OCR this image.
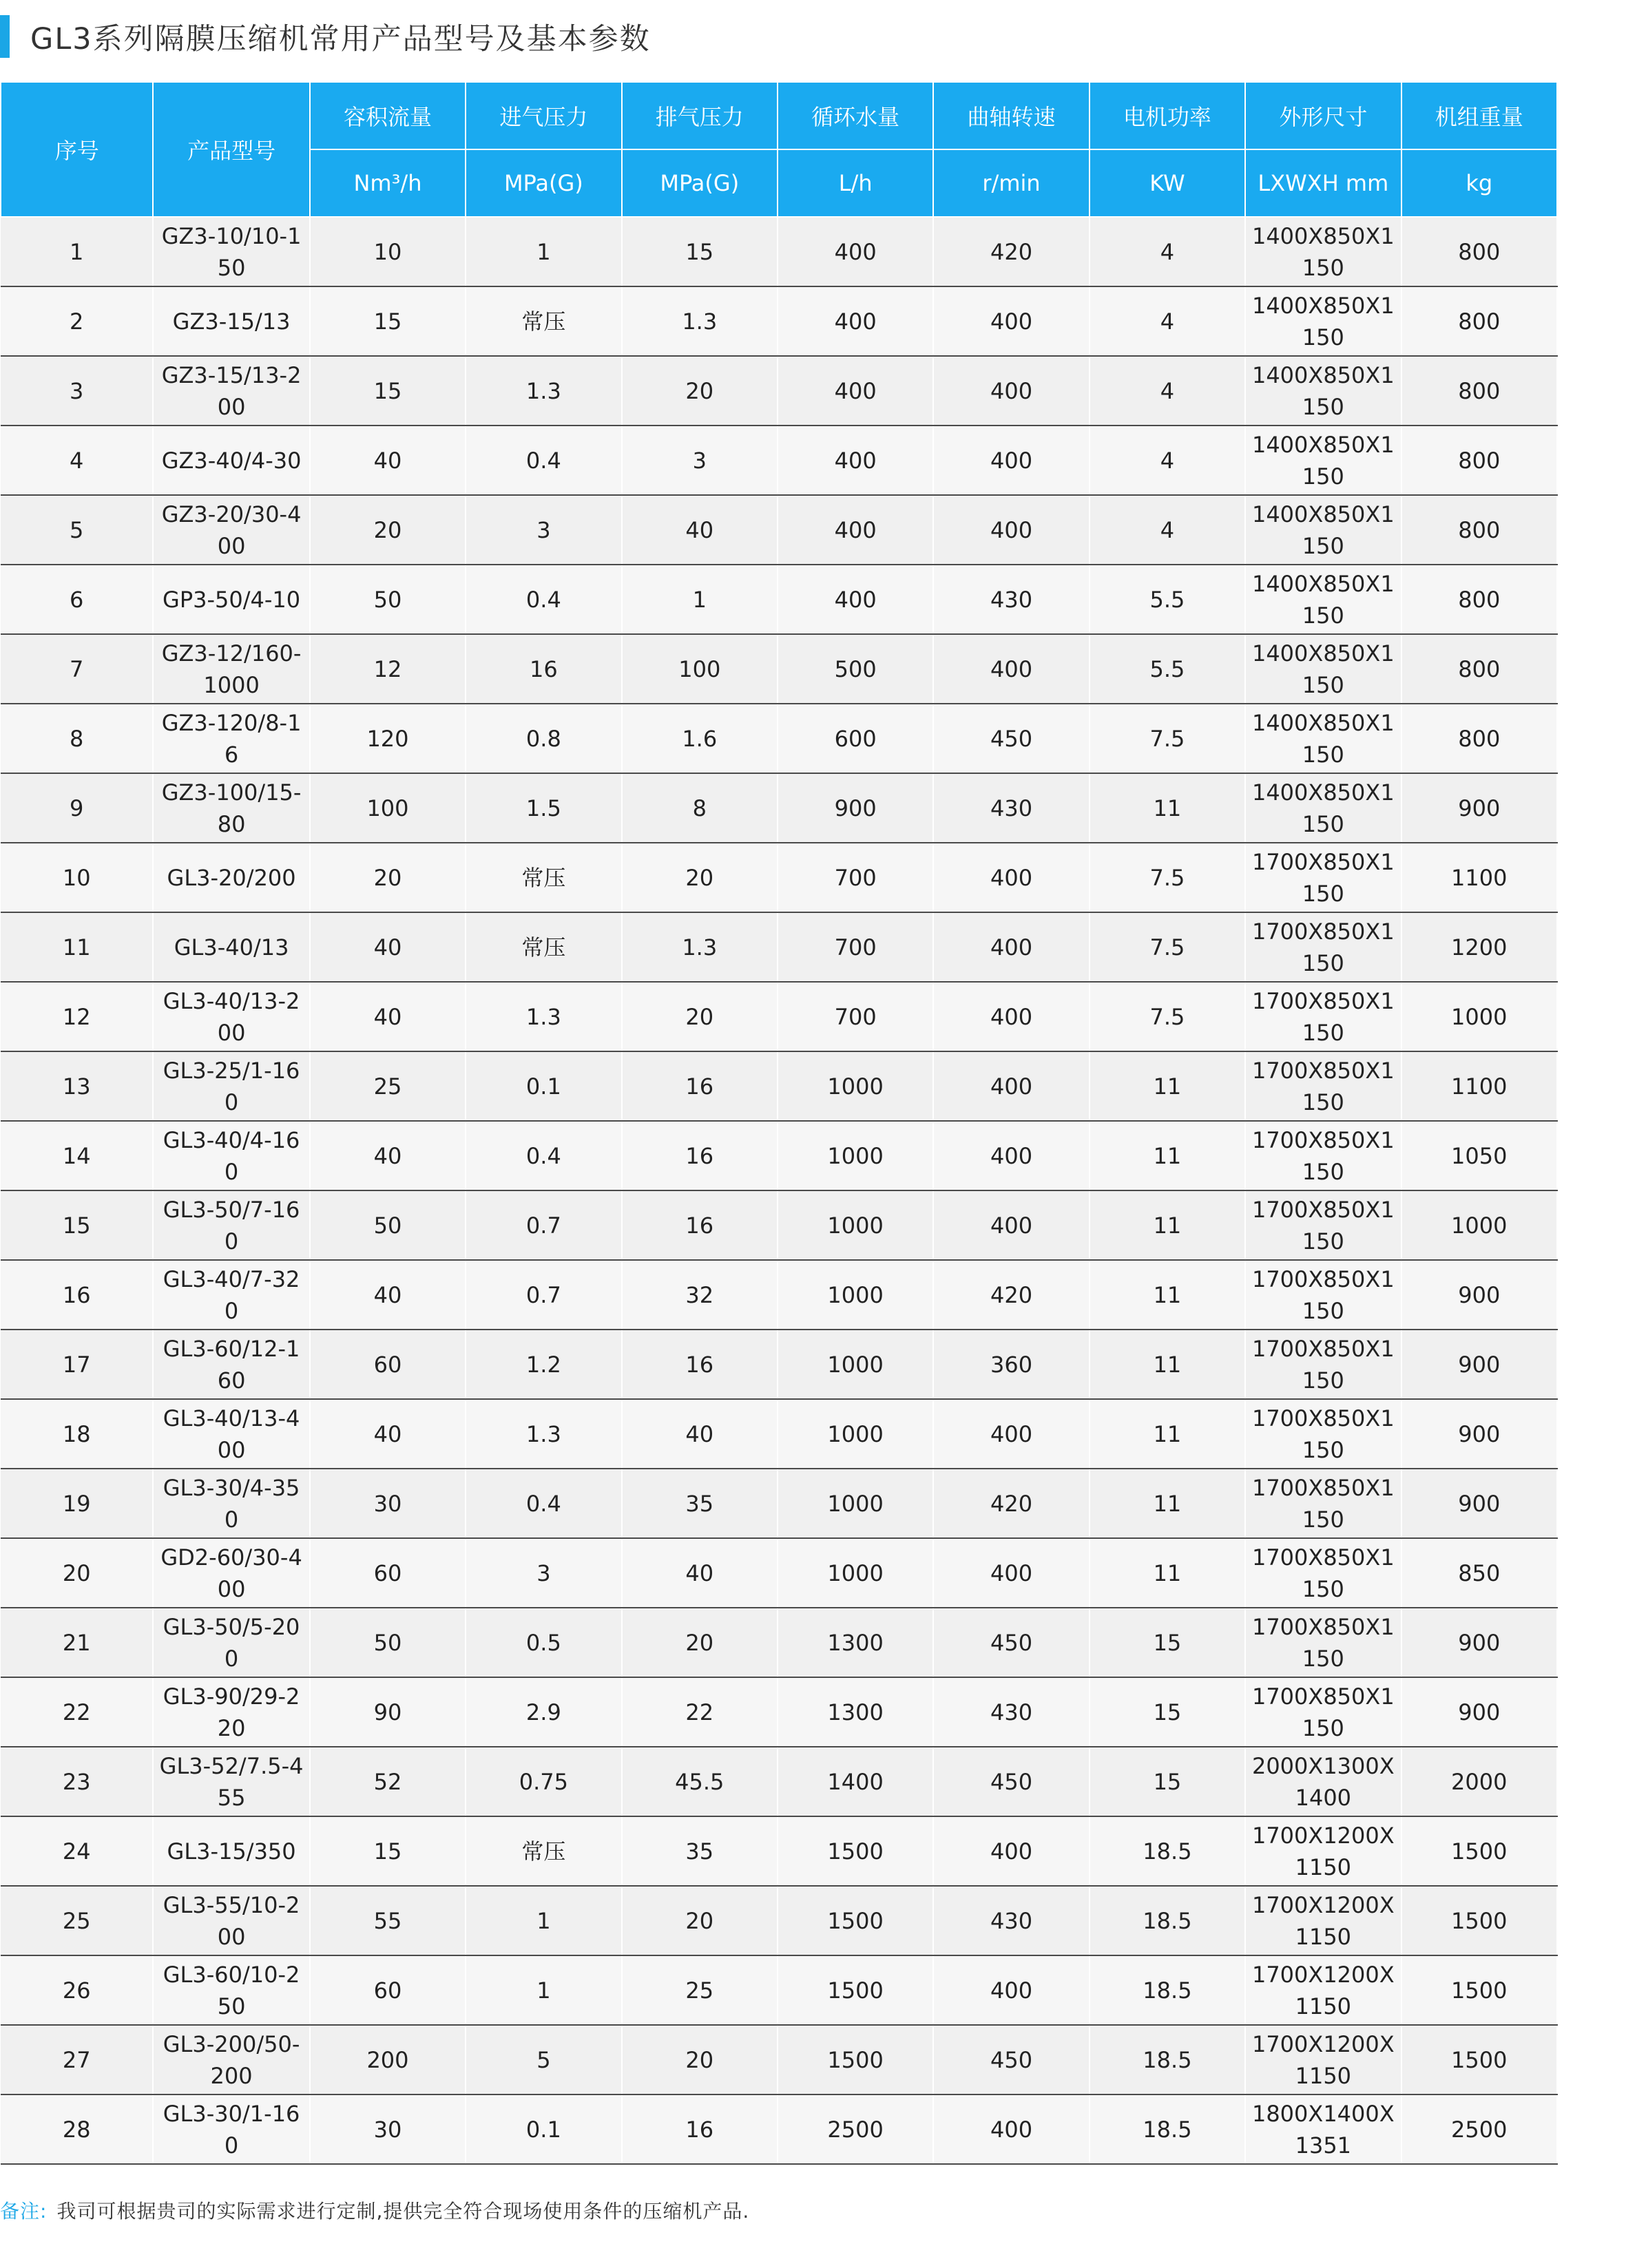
GL3系列隔膜压缩机常用产品型号及基本参数
序号	产品型号	容积流量	进气压力	排气压力	循环水量	曲轴转速	电机功率	外形尺寸	机组重量
		Nm³/h	MPa(G)	MPa(G)	L/h	r/min	KW	LXWXH mm	kg
1	GZ3-10/10-150	10	1	15	400	420	4	1400X850X1150	800
2	GZ3-15/13	15	常压	1.3	400	400	4	1400X850X1150	800
3	GZ3-15/13-200	15	1.3	20	400	400	4	1400X850X1150	800
4	GZ3-40/4-30	40	0.4	3	400	400	4	1400X850X1150	800
5	GZ3-20/30-400	20	3	40	400	400	4	1400X850X1150	800
6	GP3-50/4-10	50	0.4	1	400	430	5.5	1400X850X1150	800
7	GZ3-12/160-1000	12	16	100	500	400	5.5	1400X850X1150	800
8	GZ3-120/8-16	120	0.8	1.6	600	450	7.5	1400X850X1150	800
9	GZ3-100/15-80	100	1.5	8	900	430	11	1400X850X1150	900
10	GL3-20/200	20	常压	20	700	400	7.5	1700X850X1150	1100
11	GL3-40/13	40	常压	1.3	700	400	7.5	1700X850X1150	1200
12	GL3-40/13-200	40	1.3	20	700	400	7.5	1700X850X1150	1000
13	GL3-25/1-160	25	0.1	16	1000	400	11	1700X850X1150	1100
14	GL3-40/4-160	40	0.4	16	1000	400	11	1700X850X1150	1050
15	GL3-50/7-160	50	0.7	16	1000	400	11	1700X850X1150	1000
16	GL3-40/7-320	40	0.7	32	1000	420	11	1700X850X1150	900
17	GL3-60/12-160	60	1.2	16	1000	360	11	1700X850X1150	900
18	GL3-40/13-400	40	1.3	40	1000	400	11	1700X850X1150	900
19	GL3-30/4-350	30	0.4	35	1000	420	11	1700X850X1150	900
20	GD2-60/30-400	60	3	40	1000	400	11	1700X850X1150	850
21	GL3-50/5-200	50	0.5	20	1300	450	15	1700X850X1150	900
22	GL3-90/29-220	90	2.9	22	1300	430	15	1700X850X1150	900
23	GL3-52/7.5-455	52	0.75	45.5	1400	450	15	2000X1300X1400	2000
24	GL3-15/350	15	常压	35	1500	400	18.5	1700X1200X1150	1500
25	GL3-55/10-200	55	1	20	1500	430	18.5	1700X1200X1150	1500
26	GL3-60/10-250	60	1	25	1500	400	18.5	1700X1200X1150	1500
27	GL3-200/50-200	200	5	20	1500	450	18.5	1700X1200X1150	1500
28	GL3-30/1-160	30	0.1	16	2500	400	18.5	1800X1400X1351	2500
备注: 我司可根据贵司的实际需求进行定制,提供完全符合现场使用条件的压缩机产品.
